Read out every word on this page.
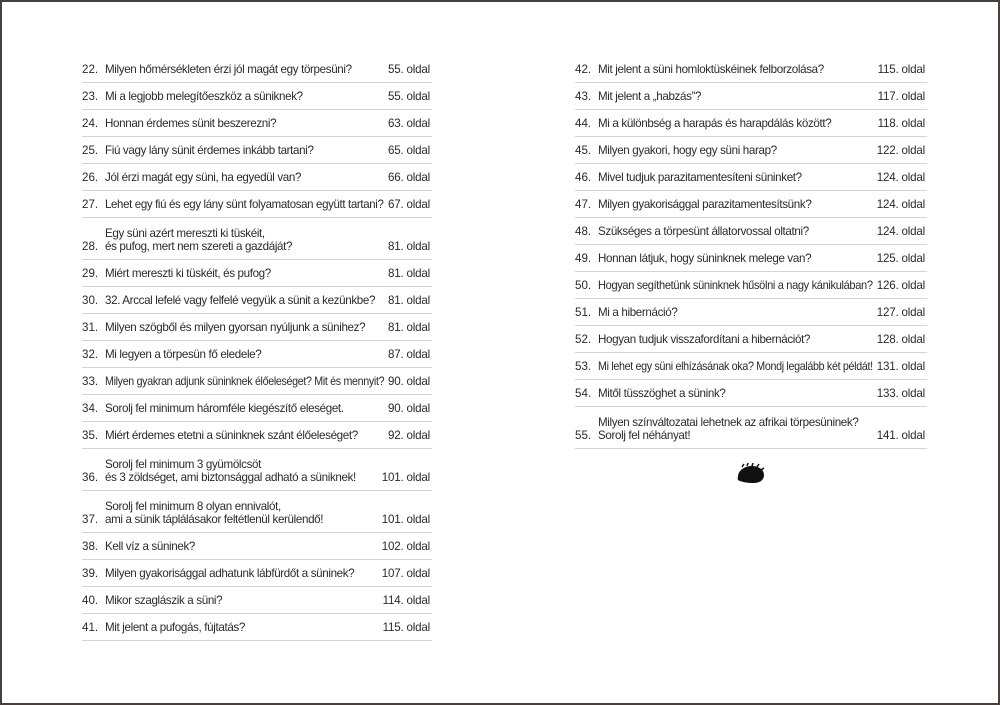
22. Milyen hőmérsékleten érzi jól magát egy törpesüni?	55. oldal
23. Mi a legjobb melegítőeszköz a süniknek?	55. oldal
24. Honnan érdemes sünit beszerezni?	63. oldal
25. Fiú vagy lány sünit érdemes inkább tartani?	65. oldal
26. Jól érzi magát egy süni, ha egyedül van?	66. oldal
27. Lehet egy fiú és egy lány sünt folyamatosan együtt tartani? 67. oldal
28.
Egy süni azért mereszti ki tüskéit,
és pufog, mert nem szereti a gazdáját?	81. oldal
29. Miért mereszti ki tüskéit, és pufog?	81. oldal
30. 32. Arccal lefelé vagy felfelé vegyük a sünit a kezünkbe? 81. oldal
31. Milyen szögből és milyen gyorsan nyúljunk a sünihez? 81. oldal
32. Mi legyen a törpesün fő eledele?	87. oldal
33. Milyen gyakran adjunk süninknek élőeleséget? Mit és mennyit? 90. oldal
34. Sorolj fel minimum háromféle kiegészítő eleséget.	90. oldal
35. Miért érdemes etetni a süninknek szánt élőeleséget?	92. oldal
36.
Sorolj fel minimum 3 gyümölcsöt
és 3 zöldséget, ami biztonsággal adható a süniknek! 101. oldal
37.
Sorolj fel minimum 8 olyan ennivalót,
ami a sünik táplálásakor feltétlenül kerülendő!	101. oldal
38. Kell víz a süninek?	102. oldal
39. Milyen gyakorisággal adhatunk lábfürdőt a süninek? 107. oldal
40. Mikor szaglászik a süni?	114. oldal
41. Mit jelent a pufogás, fújtatás?	115. oldal
42. Mit jelent a süni homloktüskéinek felborzolása?	115. oldal
43. Mit jelent a „habzás”?	117. oldal
44. Mi a különbség a harapás és harapdálás között?	118. oldal
45. Milyen gyakori, hogy egy süni harap?	122. oldal
46. Mivel tudjuk parazitamentesíteni süninket?	124. oldal
47. Milyen gyakorisággal parazitamentesítsünk?	124. oldal
48. Szükséges a törpesünt állatorvossal oltatni?	124. oldal
49. Honnan látjuk, hogy süninknek melege van?	125. oldal
50. Hogyan segíthetünk süninknek hűsölni a nagy kánikulában? 126. oldal
51. Mi a hibernáció?	127. oldal
52. Hogyan tudjuk visszafordítani a hibernációt?	128. oldal
53. Mi lehet egy süni elhízásának oka? Mondj legalább két példát! 131. oldal
54. Mitől tüsszöghet a sünink?	133. oldal
55.
Milyen színváltozatai lehetnek az afrikai törpesüninek?
Sorolj fel néhányat!	141. oldal
